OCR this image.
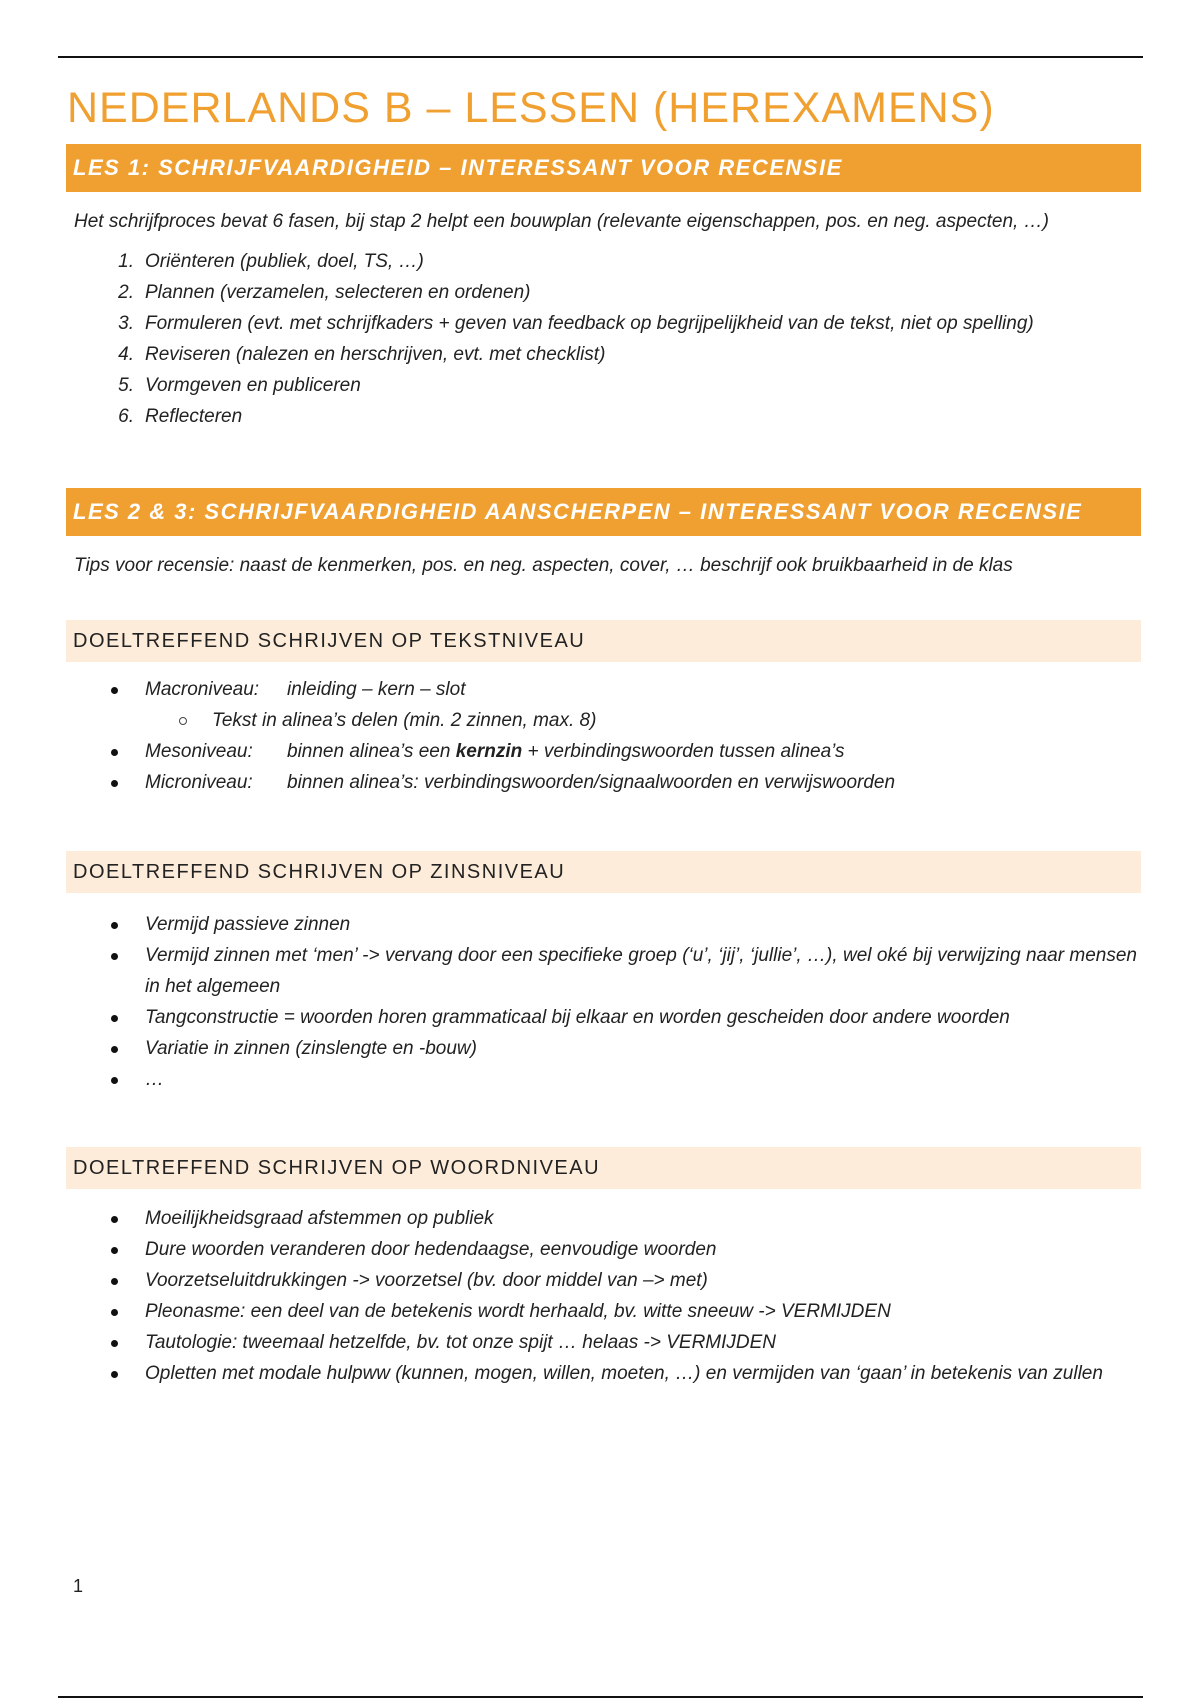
NEDERLANDS B – LESSEN (HEREXAMENS)
LES 1: SCHRIJFVAARDIGHEID – INTERESSANT VOOR RECENSIE

Het schrijfproces bevat 6 fasen, bij stap 2 helpt een bouwplan (relevante eigenschappen, pos. en neg. aspecten, …)

1. Oriënteren (publiek, doel, TS, …)
2. Plannen (verzamelen, selecteren en ordenen)
3. Formuleren (evt. met schrijfkaders + geven van feedback op begrijpelijkheid van de tekst, niet op spelling)
4. Reviseren (nalezen en herschrijven, evt. met checklist)
5. Vormgeven en publiceren
6. Reflecteren
LES 2 & 3: SCHRIJFVAARDIGHEID AANSCHERPEN – INTERESSANT VOOR RECENSIE

Tips voor recensie: naast de kenmerken, pos. en neg. aspecten, cover, … beschrijf ook bruikbaarheid in de klas

DOELTREFFEND SCHRIJVEN OP TEKSTNIVEAU
Macroniveau: inleiding – kern – slot
Tekst in alinea’s delen (min. 2 zinnen, max. 8)
Mesoniveau: binnen alinea’s een kernzin + verbindingswoorden tussen alinea’s
Microniveau: binnen alinea’s: verbindingswoorden/signaalwoorden en verwijswoorden
DOELTREFFEND SCHRIJVEN OP ZINSNIVEAU
Vermijd passieve zinnen
Vermijd zinnen met ‘men’ -> vervang door een specifieke groep (‘u’, ‘jij’, ‘jullie’, …), wel oké bij verwijzing naar mensen in het algemeen
Tangconstructie = woorden horen grammaticaal bij elkaar en worden gescheiden door andere woorden
Variatie in zinnen (zinslengte en -bouw)
…
DOELTREFFEND SCHRIJVEN OP WOORDNIVEAU
Moeilijkheidsgraad afstemmen op publiek
Dure woorden veranderen door hedendaagse, eenvoudige woorden
Voorzetseluitdrukkingen -> voorzetsel (bv. door middel van –> met)
Pleonasme: een deel van de betekenis wordt herhaald, bv. witte sneeuw -> VERMIJDEN
Tautologie: tweemaal hetzelfde, bv. tot onze spijt … helaas -> VERMIJDEN
Opletten met modale hulpww (kunnen, mogen, willen, moeten, …) en vermijden van ‘gaan’ in betekenis van zullen
1
